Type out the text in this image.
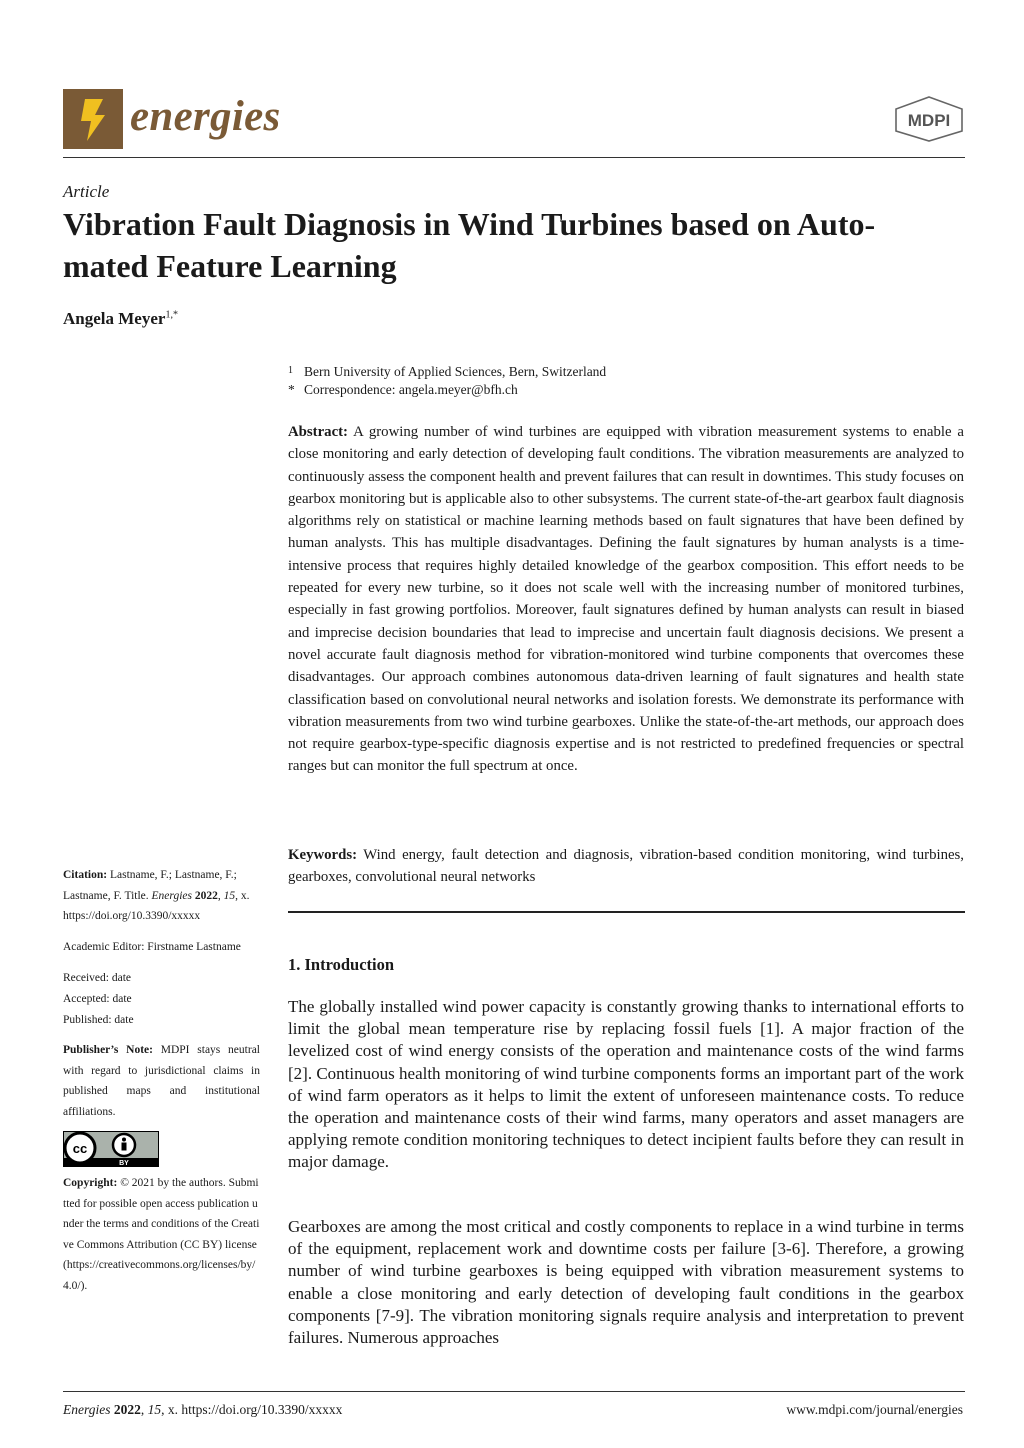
energies	MDPI
Article
Vibration Fault Diagnosis in Wind Turbines based on Auto-
mated Feature Learning
Angela Meyer$^{1,*}$
1 Bern University of Applied Sciences, Bern, Switzerland
* Correspondence: angela.meyer@bfh.ch
Abstract: A growing number of wind turbines are equipped with vibration measurement systems to enable a close monitoring and early detection of developing fault conditions. The vibration measurements are analyzed to continuously assess the component health and prevent failures that can result in downtimes. This study focuses on gearbox monitoring but is applicable also to other subsystems. The current state-of-the-art gearbox fault diagnosis algorithms rely on statistical or machine learning methods based on fault signatures that have been defined by human analysts. This has multiple disadvantages. Defining the fault signatures by human analysts is a time-intensive process that requires highly detailed knowledge of the gearbox composition. This effort needs to be repeated for every new turbine, so it does not scale well with the increasing number of monitored turbines, especially in fast growing portfolios. Moreover, fault signatures defined by human analysts can result in biased and imprecise decision boundaries that lead to imprecise and uncertain fault diagnosis decisions. We present a novel accurate fault diagnosis method for vibration-monitored wind turbine components that overcomes these disadvantages. Our approach combines autonomous data-driven learning of fault signatures and health state classification based on convolutional neural networks and isolation forests. We demonstrate its performance with vibration measurements from two wind turbine gearboxes. Unlike the state-of-the-art methods, our approach does not require gearbox-type-specific diagnosis expertise and is not restricted to predefined frequencies or spectral ranges but can monitor the full spectrum at once.
Keywords: Wind energy, fault detection and diagnosis, vibration-based condition monitoring, wind turbines, gearboxes, convolutional neural networks
1. Introduction
The globally installed wind power capacity is constantly growing thanks to international efforts to limit the global mean temperature rise by replacing fossil fuels [1]. A major fraction of the levelized cost of wind energy consists of the operation and maintenance costs of the wind farms [2]. Continuous health monitoring of wind turbine components forms an important part of the work of wind farm operators as it helps to limit the extent of unforeseen maintenance costs. To reduce the operation and maintenance costs of their wind farms, many operators and asset managers are applying remote condition monitoring techniques to detect incipient faults before they can result in major damage.
Gearboxes are among the most critical and costly components to replace in a wind turbine in terms of the equipment, replacement work and downtime costs per failure [3-6]. Therefore, a growing number of wind turbine gearboxes is being equipped with vibration measurement systems to enable a close monitoring and early detection of developing fault conditions in the gearbox components [7-9]. The vibration monitoring signals require analysis and interpretation to prevent failures. Numerous approaches
Citation: Lastname, F.; Lastname, F.; Lastname, F. Title. Energies 2022, 15, x. https://doi.org/10.3390/xxxxx
Academic Editor: Firstname Lastname
Received: date
Accepted: date
Published: date
Publisher’s Note: MDPI stays neutral with regard to jurisdictional claims in published maps and institutional affiliations.
cc
BY
Copyright: © 2021 by the authors. Submitted for possible open access publication under the terms and conditions of the Creative Commons Attribution (CC BY) license (https://creativecommons.org/licenses/by/4.0/).
Energies 2022, 15, x. https://doi.org/10.3390/xxxxx	www.mdpi.com/journal/energies
